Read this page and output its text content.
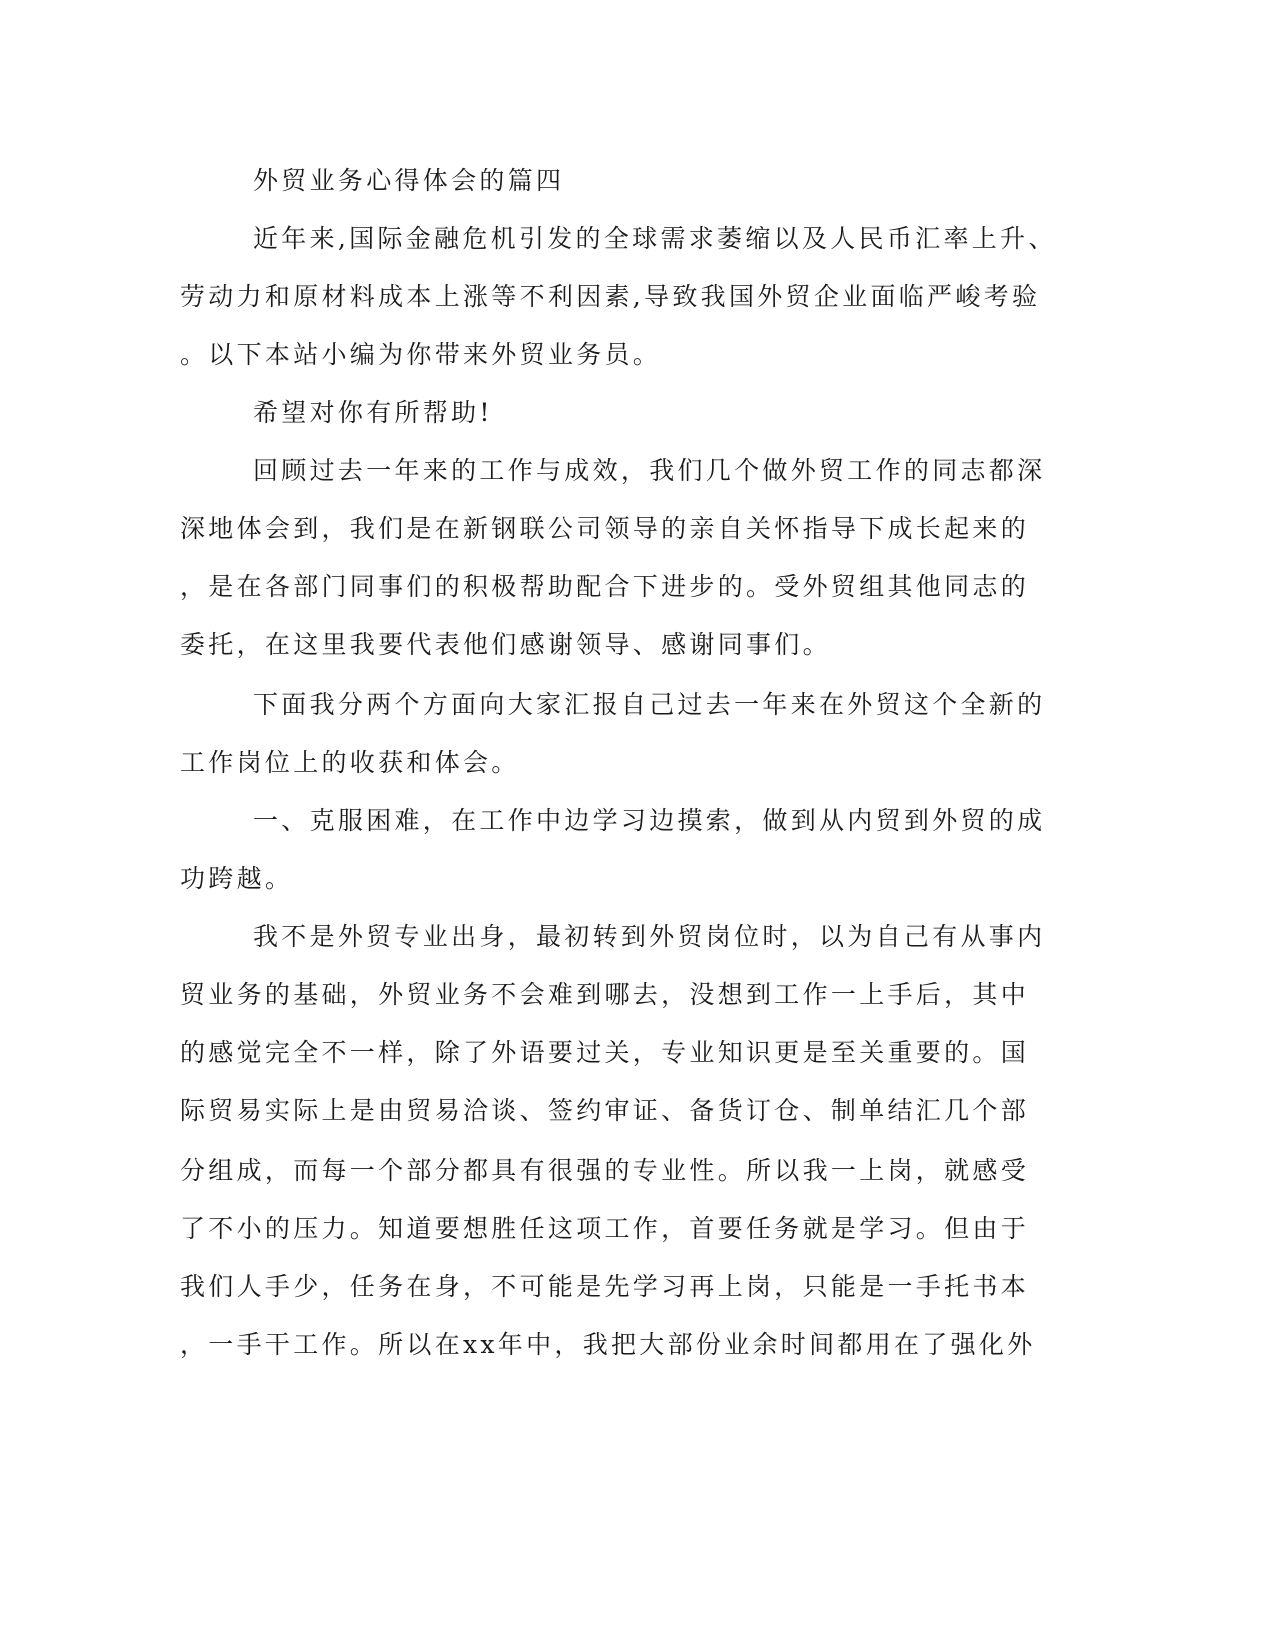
外贸业务心得体会的篇四
近年来,国际金融危机引发的全球需求萎缩以及人民币汇率上升、
劳动力和原材料成本上涨等不利因素,导致我国外贸企业面临严峻考验
。以下本站小编为你带来外贸业务员。
希望对你有所帮助!
回顾过去一年来的工作与成效，我们几个做外贸工作的同志都深
深地体会到，我们是在新钢联公司领导的亲自关怀指导下成长起来的
，是在各部门同事们的积极帮助配合下进步的。受外贸组其他同志的
委托，在这里我要代表他们感谢领导、感谢同事们。
下面我分两个方面向大家汇报自己过去一年来在外贸这个全新的
工作岗位上的收获和体会。
一、克服困难，在工作中边学习边摸索，做到从内贸到外贸的成
功跨越。
我不是外贸专业出身，最初转到外贸岗位时，以为自己有从事内
贸业务的基础，外贸业务不会难到哪去，没想到工作一上手后，其中
的感觉完全不一样，除了外语要过关，专业知识更是至关重要的。国
际贸易实际上是由贸易洽谈、签约审证、备货订仓、制单结汇几个部
分组成，而每一个部分都具有很强的专业性。所以我一上岗，就感受
了不小的压力。知道要想胜任这项工作，首要任务就是学习。但由于
我们人手少，任务在身，不可能是先学习再上岗，只能是一手托书本
，一手干工作。所以在xx年中，我把大部份业余时间都用在了强化外
